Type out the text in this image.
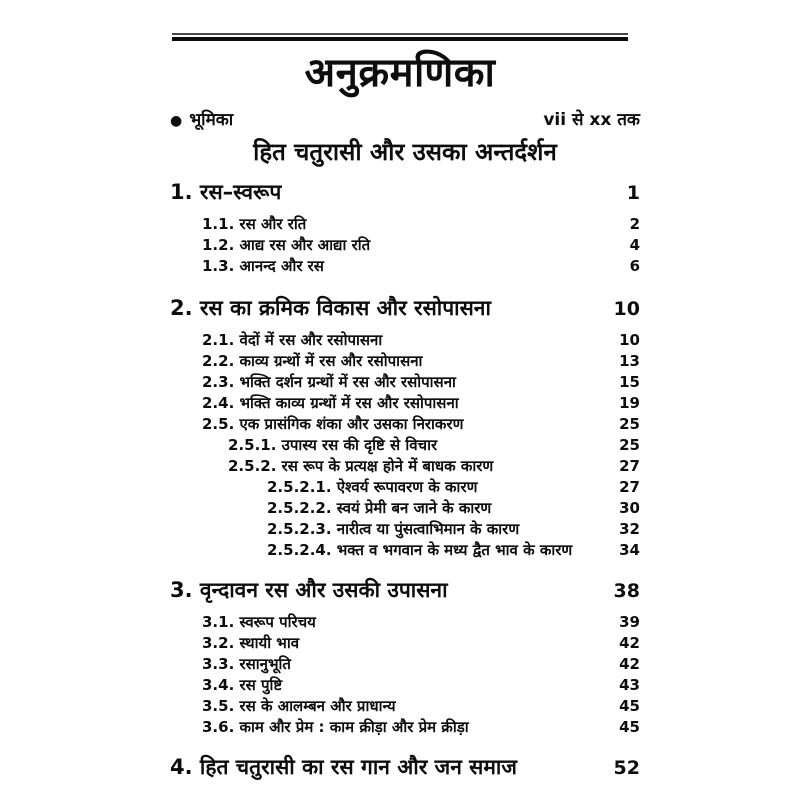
अनुक्रमणिका
● भूमिका	vii से xx तक
हित चतुरासी और उसका अन्तर्दर्शन
1. रस–स्वरूप	1
1.1. रस और रति	2
1.2. आद्य रस और आद्या रति	4
1.3. आनन्द और रस	6
2. रस का क्रमिक विकास और रसोपासना	10
2.1. वेदों में रस और रसोपासना	10
2.2. काव्य ग्रन्थों में रस और रसोपासना	13
2.3. भक्ति दर्शन ग्रन्थों में रस और रसोपासना	15
2.4. भक्ति काव्य ग्रन्थों में रस और रसोपासना	19
2.5. एक प्रासंगिक शंका और उसका निराकरण	25
2.5.1. उपास्य रस की दृष्टि से विचार	25
2.5.2. रस रूप के प्रत्यक्ष होने में बाधक कारण	27
2.5.2.1. ऐश्वर्य रूपावरण के कारण	27
2.5.2.2. स्वयं प्रेमी बन जाने के कारण	30
2.5.2.3. नारीत्व या पुंसत्वाभिमान के कारण	32
2.5.2.4. भक्त व भगवान के मध्य द्वैत भाव के कारण	34
3. वृन्दावन रस और उसकी उपासना	38
3.1. स्वरूप परिचय	39
3.2. स्थायी भाव	42
3.3. रसानुभूति	42
3.4. रस पुष्टि	43
3.5. रस के आलम्बन और प्राधान्य	45
3.6. काम और प्रेम : काम क्रीड़ा और प्रेम क्रीड़ा	45
4. हित चतुरासी का रस गान और जन समाज	52
